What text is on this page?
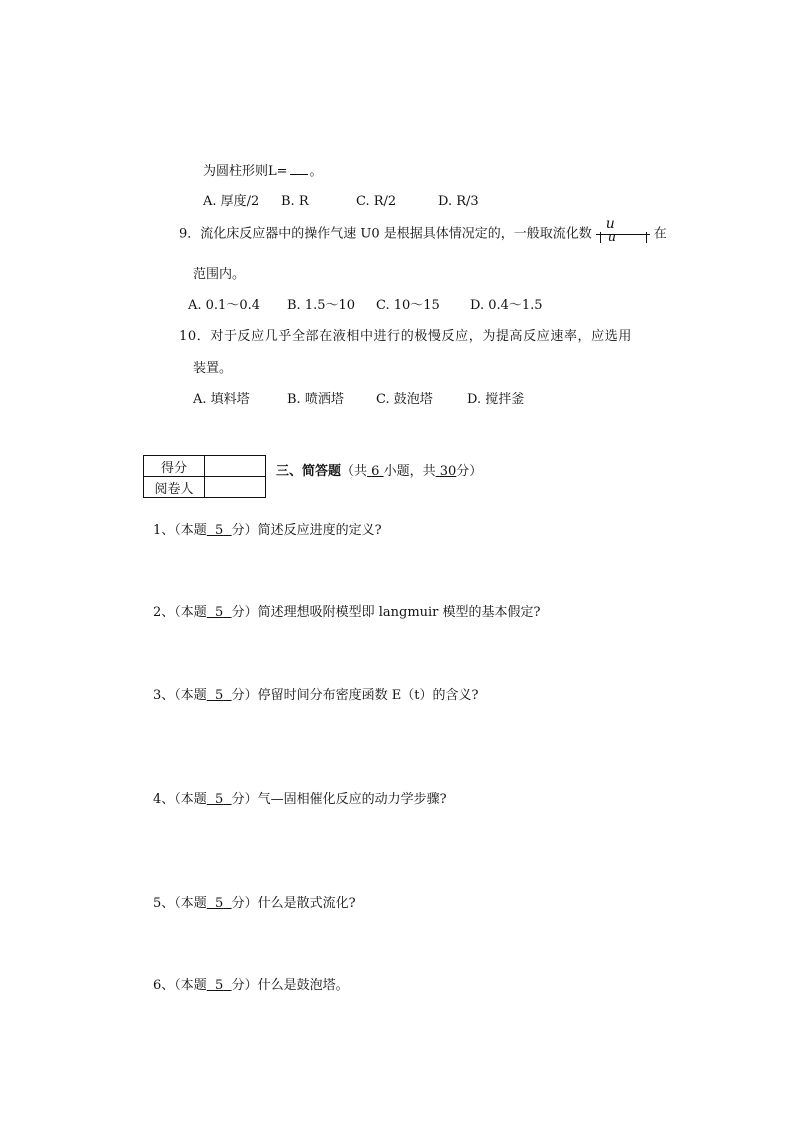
为圆柱形则L= 。
A. 厚度/2 B. R	C. R/2	D. R/3
9．流化床反应器中的操作气速 U0 是根据具体情况定的，一般取流化数 $\frac{u}{u}$ 在
范围内。
A. 0.1～0.4 B. 1.5～10 C. 10～15 D. 0.4～1.5
10．对于反应几乎全部在液相中进行的极慢反应，为提高反应速率，应选用
装置。
A. 填料塔	B. 喷洒塔 C. 鼓泡塔	D. 搅拌釜
得分	
阅卷人	
三、简答题（共 6 小题，共 30分）
1、（本题 5 分）简述反应进度的定义?
2、（本题 5 分）简述理想吸附模型即 langmuir 模型的基本假定?
3、（本题 5 分）停留时间分布密度函数 E（t）的含义?
4、（本题 5 分）气—固相催化反应的动力学步骤?
5、（本题 5 分）什么是散式流化?
6、（本题 5 分）什么是鼓泡塔。
